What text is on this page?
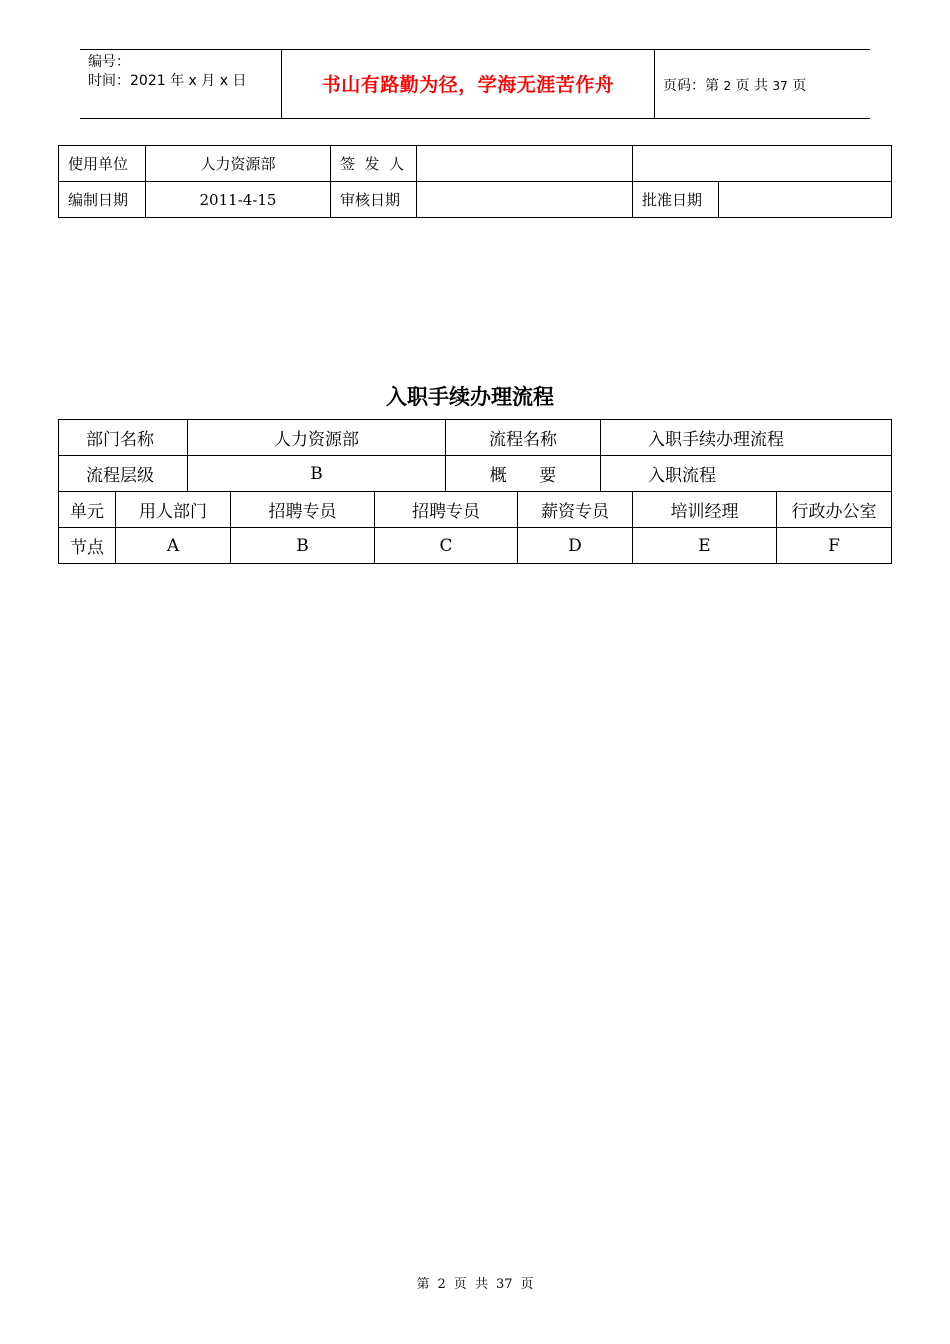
编号：
时间：2021 年 x 月 x 日	书山有路勤为径，学海无涯苦作舟	页码：第 2 页 共 37 页
使用单位	人力资源部	签  发  人			
编制日期	2011-4-15	审核日期		批准日期	
入职手续办理流程
部门名称	人力资源部	流程名称	入职手续办理流程
流程层级	B	概      要	入职流程
单元	用人部门	招聘专员	招聘专员	薪资专员	培训经理	行政办公室
节点	A	B	C	D	E	F
第 2 页  共 37 页
